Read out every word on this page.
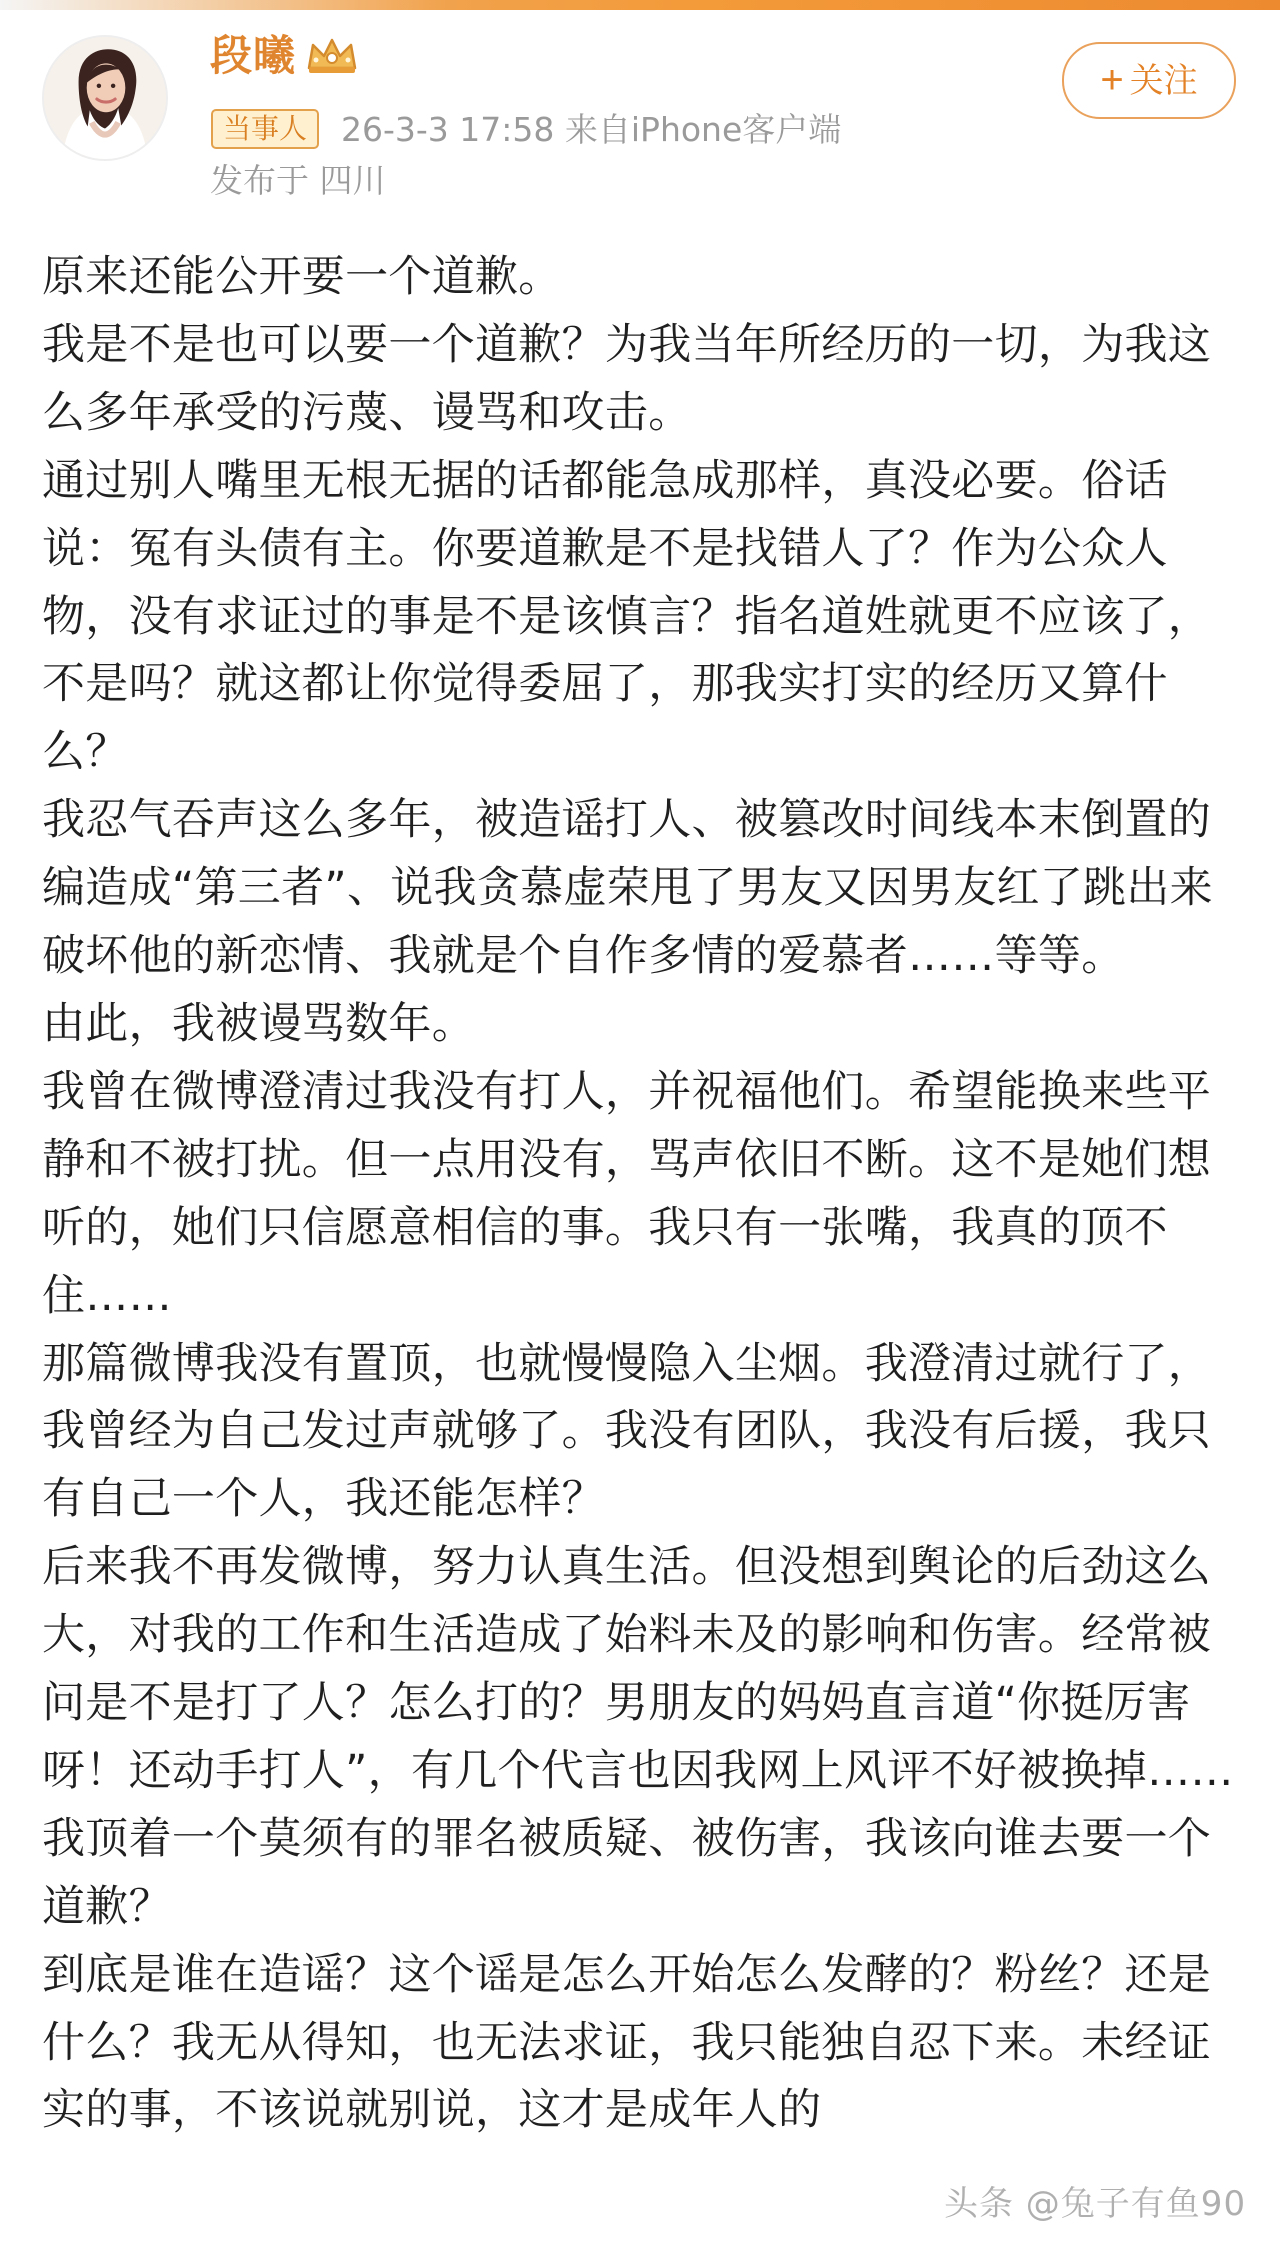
段曦
当事人	26-3-3 17:58 来自iPhone客户端
发布于 四川
+ 关注

原来还能公开要一个道歉。

我是不是也可以要一个道歉？为我当年所经历的一切，为我这么多年承受的污蔑、谩骂和攻击。

通过别人嘴里无根无据的话都能急成那样，真没必要。俗话说：冤有头债有主。你要道歉是不是找错人了？作为公众人物，没有求证过的事是不是该慎言？指名道姓就更不应该了，不是吗？就这都让你觉得委屈了，那我实打实的经历又算什么？

我忍气吞声这么多年，被造谣打人、被篡改时间线本末倒置的编造成“第三者”、说我贪慕虚荣甩了男友又因男友红了跳出来破坏他的新恋情、我就是个自作多情的爱慕者……等等。

由此，我被谩骂数年。

我曾在微博澄清过我没有打人，并祝福他们。希望能换来些平静和不被打扰。但一点用没有，骂声依旧不断。这不是她们想听的，她们只信愿意相信的事。我只有一张嘴，我真的顶不住……

那篇微博我没有置顶，也就慢慢隐入尘烟。我澄清过就行了，我曾经为自己发过声就够了。我没有团队，我没有后援，我只有自己一个人，我还能怎样？

后来我不再发微博，努力认真生活。但没想到舆论的后劲这么大，对我的工作和生活造成了始料未及的影响和伤害。经常被问是不是打了人？怎么打的？男朋友的妈妈直言道“你挺厉害呀！还动手打人”，有几个代言也因我网上风评不好被换掉……我顶着一个莫须有的罪名被质疑、被伤害，我该向谁去要一个道歉？

到底是谁在造谣？这个谣是怎么开始怎么发酵的？粉丝？还是什么？我无从得知，也无法求证，我只能独自忍下来。未经证实的事，不该说就别说，这才是成年人的

头条 @兔子有鱼90
